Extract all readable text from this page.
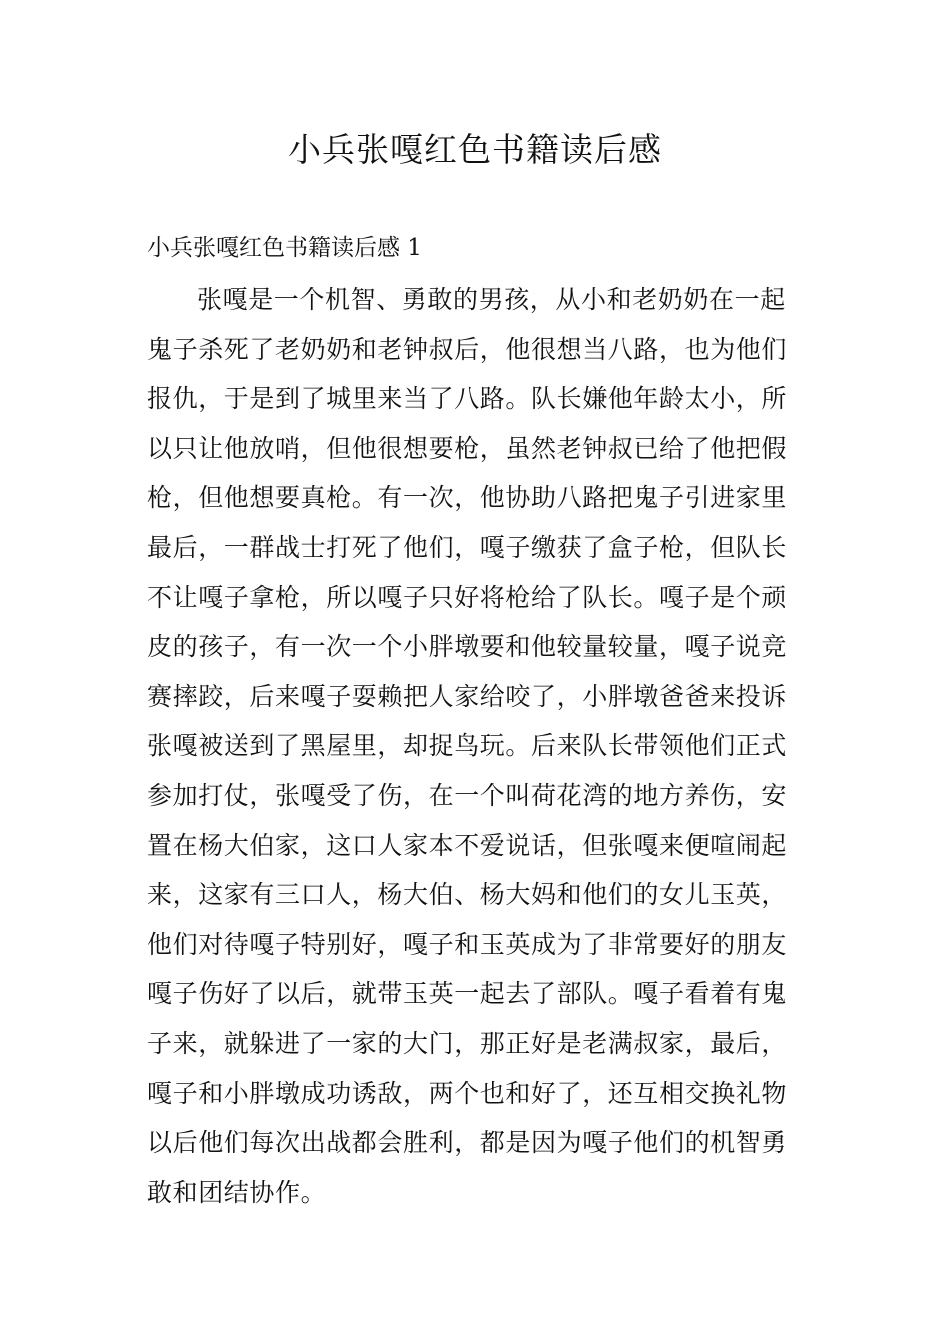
小兵张嘎红色书籍读后感
小兵张嘎红色书籍读后感 1
张嘎是一个机智、勇敢的男孩，从小和老奶奶在一起
鬼子杀死了老奶奶和老钟叔后，他很想当八路，也为他们
报仇，于是到了城里来当了八路。队长嫌他年龄太小，所
以只让他放哨，但他很想要枪，虽然老钟叔已给了他把假
枪，但他想要真枪。有一次，他协助八路把鬼子引进家里
最后，一群战士打死了他们，嘎子缴获了盒子枪，但队长
不让嘎子拿枪，所以嘎子只好将枪给了队长。嘎子是个顽
皮的孩子，有一次一个小胖墩要和他较量较量，嘎子说竞
赛摔跤，后来嘎子耍赖把人家给咬了，小胖墩爸爸来投诉
张嘎被送到了黑屋里，却捉鸟玩。后来队长带领他们正式
参加打仗，张嘎受了伤，在一个叫荷花湾的地方养伤，安
置在杨大伯家，这口人家本不爱说话，但张嘎来便喧闹起
来，这家有三口人，杨大伯、杨大妈和他们的女儿玉英，
他们对待嘎子特别好，嘎子和玉英成为了非常要好的朋友
嘎子伤好了以后，就带玉英一起去了部队。嘎子看着有鬼
子来，就躲进了一家的大门，那正好是老满叔家，最后，
嘎子和小胖墩成功诱敌，两个也和好了，还互相交换礼物
以后他们每次出战都会胜利，都是因为嘎子他们的机智勇
敢和团结协作。
